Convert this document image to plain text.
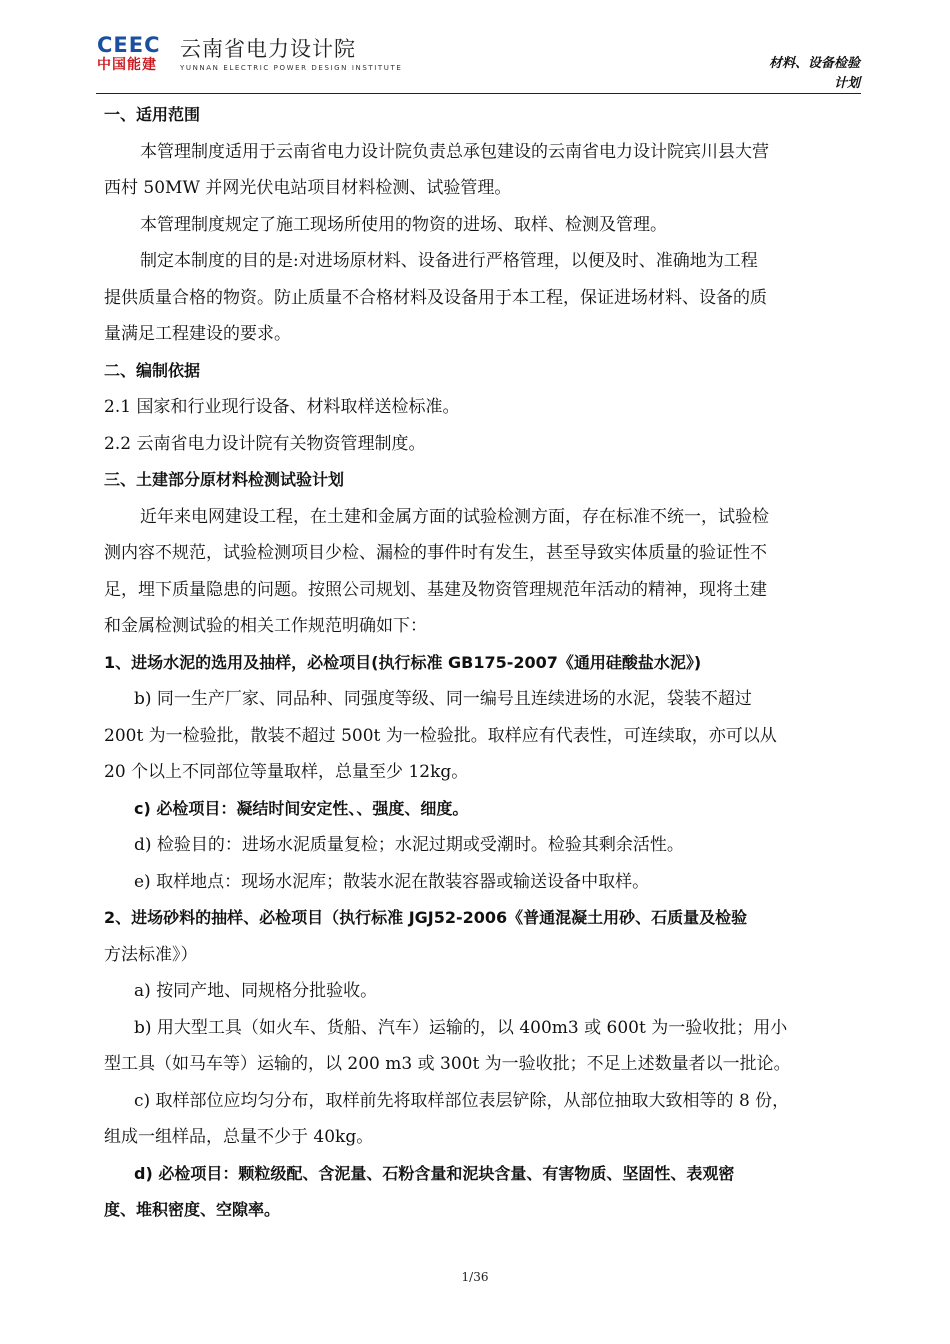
CEEC
中国能建
云南省电力设计院
YUNNAN ELECTRIC POWER DESIGN INSTITUTE	材料、设备检验
计划
一、适用范围
本管理制度适用于云南省电力设计院负责总承包建设的云南省电力设计院宾川县大营
西村 50MW 并网光伏电站项目材料检测、试验管理。
本管理制度规定了施工现场所使用的物资的进场、取样、检测及管理。
制定本制度的目的是:对进场原材料、设备进行严格管理，以便及时、准确地为工程
提供质量合格的物资。防止质量不合格材料及设备用于本工程，保证进场材料、设备的质
量满足工程建设的要求。
二、编制依据
2.1 国家和行业现行设备、材料取样送检标准。
2.2 云南省电力设计院有关物资管理制度。
三、土建部分原材料检测试验计划
近年来电网建设工程，在土建和金属方面的试验检测方面，存在标准不统一，试验检
测内容不规范，试验检测项目少检、漏检的事件时有发生，甚至导致实体质量的验证性不
足，埋下质量隐患的问题。按照公司规划、基建及物资管理规范年活动的精神，现将土建
和金属检测试验的相关工作规范明确如下：
1、进场水泥的选用及抽样，必检项目(执行标准 GB175-2007《通用硅酸盐水泥》)
b) 同一生产厂家、同品种、同强度等级、同一编号且连续进场的水泥，袋装不超过
200t 为一检验批，散装不超过 500t 为一检验批。取样应有代表性，可连续取，亦可以从
20 个以上不同部位等量取样，总量至少 12kg。
c) 必检项目：凝结时间安定性、、强度、细度。
d) 检验目的：进场水泥质量复检；水泥过期或受潮时。检验其剩余活性。
e) 取样地点：现场水泥库；散装水泥在散装容器或输送设备中取样。
2、进场砂料的抽样、必检项目（执行标准 JGJ52-2006《普通混凝土用砂、石质量及检验
方法标准》）
a) 按同产地、同规格分批验收。
b) 用大型工具（如火车、货船、汽车）运输的，以 400m3 或 600t 为一验收批；用小
型工具（如马车等）运输的，以 200 m3 或 300t 为一验收批；不足上述数量者以一批论。
c) 取样部位应均匀分布，取样前先将取样部位表层铲除，从部位抽取大致相等的 8 份，
组成一组样品，总量不少于 40kg。
d) 必检项目：颗粒级配、含泥量、石粉含量和泥块含量、有害物质、坚固性、表观密
度、堆积密度、空隙率。
1/36
